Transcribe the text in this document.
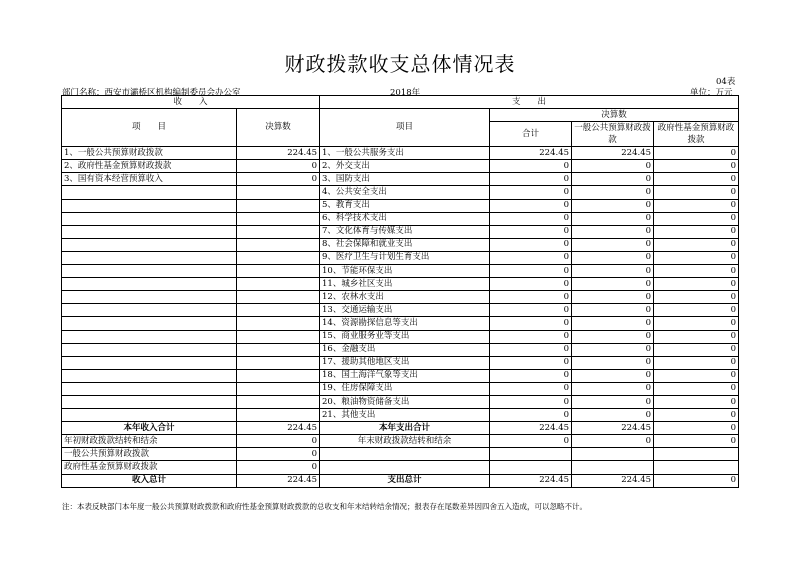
财政拨款收支总体情况表
04表
部门名称：西安市灞桥区机构编制委员会办公室	2018年	单位：万元
收　　入		支　　出			
项　　目	决算数	项目	决算数		
			合计	一般公共预算财政拨款	政府性基金预算财政拨款

1、一般公共预算财政拨款	224.45	1、一般公共服务支出	224.45	224.45	0
2、政府性基金预算财政拨款	0	2、外交支出	0	0	0
3、国有资本经营预算收入	0	3、国防支出	0	0	0
		4、公共安全支出	0	0	0
		5、教育支出	0	0	0
		6、科学技术支出	0	0	0
		7、文化体育与传媒支出	0	0	0
		8、社会保障和就业支出	0	0	0
		9、医疗卫生与计划生育支出	0	0	0
		10、节能环保支出	0	0	0
		11、城乡社区支出	0	0	0
		12、农林水支出	0	0	0
		13、交通运输支出	0	0	0
		14、资源勘探信息等支出	0	0	0
		15、商业服务业等支出	0	0	0
		16、金融支出	0	0	0
		17、援助其他地区支出	0	0	0
		18、国土海洋气象等支出	0	0	0
		19、住房保障支出	0	0	0
		20、粮油物资储备支出	0	0	0
		21、其他支出	0	0	0
本年收入合计	224.45	本年支出合计	224.45	224.45	0
年初财政拨款结转和结余	0	年末财政拨款结转和结余	0	0	0
一般公共预算财政拨款	0				
政府性基金预算财政拨款	0				
收入总计	224.45	支出总计	224.45	224.45	0
注：本表反映部门本年度一般公共预算财政拨款和政府性基金预算财政拨款的总收支和年末结转结余情况；报表存在尾数差异因四舍五入造成，可以忽略不计。
